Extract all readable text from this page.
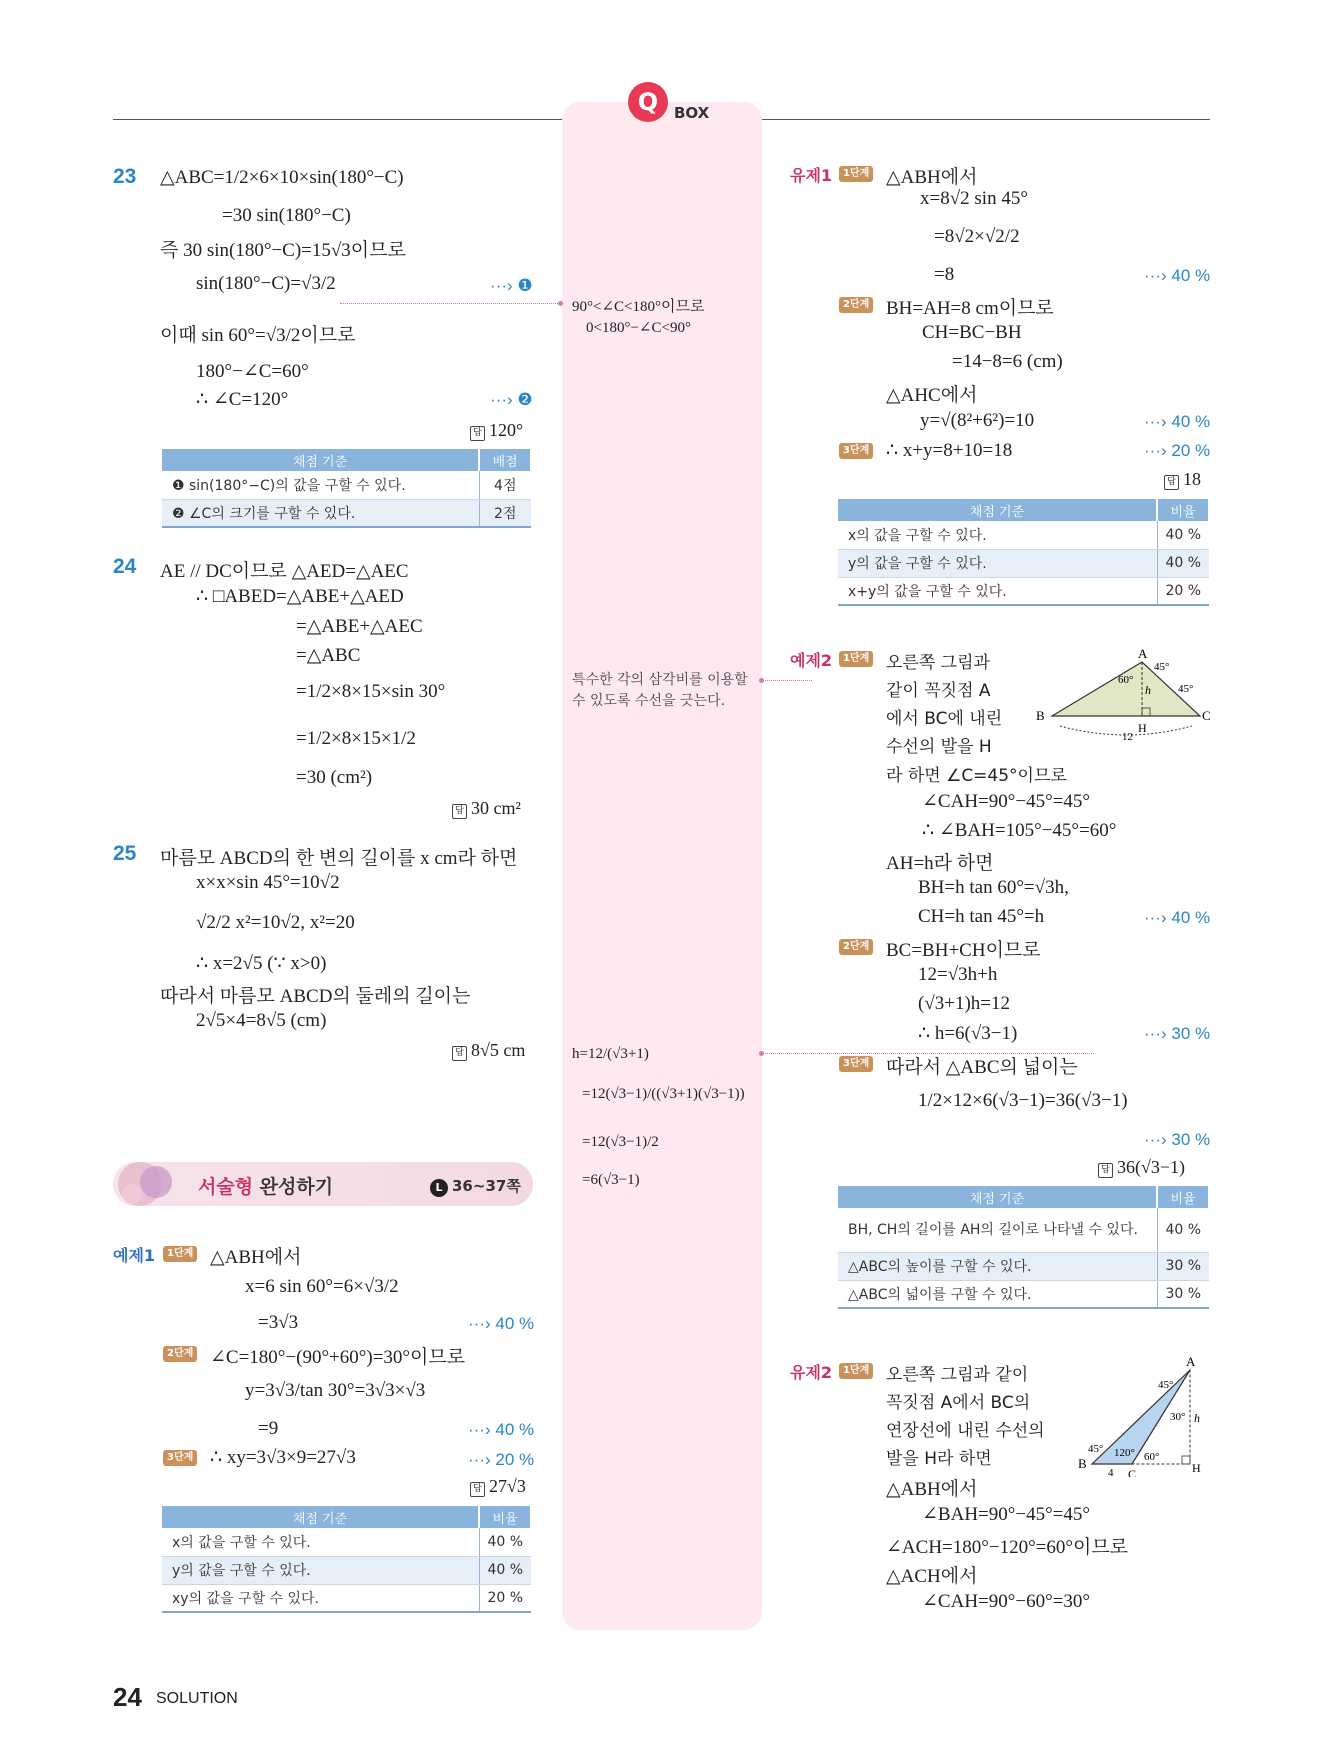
Q	BOX
23 △ABC=1/2×6×10×sin(180°−C)
=30 sin(180°−C)
즉 30 sin(180°−C)=15√3이므로
sin(180°−C)=√3/2	···› ❶
이때 sin 60°=√3/2이므로
180°−∠C=60°
∴ ∠C=120°	···› ❷
답 120°
채점 기준	배점
❶ sin(180°−C)의 값을 구할 수 있다.	4점
❷ ∠C의 크기를 구할 수 있다.	2점
24 AE // DC이므로 △AED=△AEC
∴ □ABED=△ABE+△AED
=△ABE+△AEC
=△ABC
=1/2×8×15×sin 30°
=1/2×8×15×1/2
=30 (cm²)
답 30 cm²
25 마름모 ABCD의 한 변의 길이를 x cm라 하면
x×x×sin 45°=10√2
√2/2 x²=10√2, x²=20
∴ x=2√5 (∵ x>0)
따라서 마름모 ABCD의 둘레의 길이는
2√5×4=8√5 (cm)
답 8√5 cm
서술형 완성하기	L 36~37쪽
예제1	1단계 △ABH에서
x=6 sin 60°=6×√3/2
=3√3	···› 40 %
2단계 ∠C=180°−(90°+60°)=30°이므로
y=3√3/tan 30°=3√3×√3
=9	···› 40 %
3단계 ∴ xy=3√3×9=27√3	···› 20 %
답 27√3
채점 기준	비율
x의 값을 구할 수 있다.	40 %
y의 값을 구할 수 있다.	40 %
xy의 값을 구할 수 있다.	20 %
90°<∠C<180°이므로
0<180°−∠C<90°
특수한 각의 삼각비를 이용할 수 있도록 수선을 긋는다.
h=12/(√3+1)
=12(√3−1)/((√3+1)(√3−1))
=12(√3−1)/2
=6(√3−1)
유제1	1단계 △ABH에서
x=8√2 sin 45°
=8√2×√2/2
=8	···› 40 %
2단계 BH=AH=8 cm이므로
CH=BC−BH
=14−8=6 (cm)
△AHC에서
y=√(8²+6²)=10	···› 40 %
3단계 ∴ x+y=8+10=18	···› 20 %
답 18
채점 기준	비율
x의 값을 구할 수 있다.	40 %
y의 값을 구할 수 있다.	40 %
x+y의 값을 구할 수 있다.	20 %
예제2	1단계 오른쪽 그림과
같이 꼭짓점 A
에서 BC에 내린
수선의 발을 H
라 하면 ∠C=45°이므로
A
B	C
H
h
60°
45°
45°
12
∠CAH=90°−45°=45°
∴ ∠BAH=105°−45°=60°
AH=h라 하면
BH=h tan 60°=√3h,
CH=h tan 45°=h	···› 40 %
2단계 BC=BH+CH이므로
12=√3h+h
(√3+1)h=12
∴ h=6(√3−1)	···› 30 %
3단계 따라서 △ABC의 넓이는
1/2×12×6(√3−1)=36(√3−1)
···› 30 %
답 36(√3−1)
채점 기준	비율
BH, CH의 길이를 AH의 길이로 나타낼 수 있다.	40 %
△ABC의 높이를 구할 수 있다.	30 %
△ABC의 넓이를 구할 수 있다.	30 %
유제2	1단계 오른쪽 그림과 같이
꼭짓점 A에서 BC의
연장선에 내린 수선의
발을 H라 하면
A
B
C	H
h
4
45°
45° 120° 60°
30°
△ABH에서
∠BAH=90°−45°=45°
∠ACH=180°−120°=60°이므로
△ACH에서
∠CAH=90°−60°=30°
24 SOLUTION
